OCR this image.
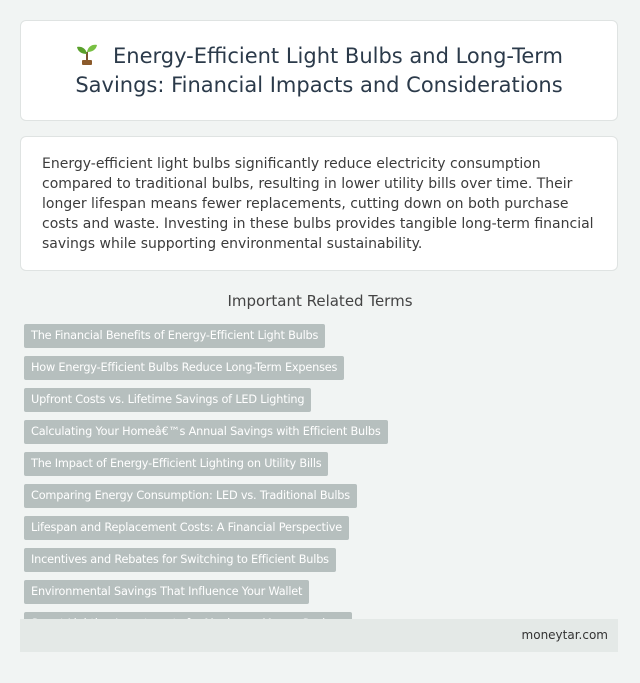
Energy-Efficient Light Bulbs and Long-Term Savings: Financial Impacts and Considerations

Energy-efficient light bulbs significantly reduce electricity consumption compared to traditional bulbs, resulting in lower utility bills over time. Their longer lifespan means fewer replacements, cutting down on both purchase costs and waste. Investing in these bulbs provides tangible long-term financial savings while supporting environmental sustainability.

Important Related Terms
The Financial Benefits of Energy-Efficient Light Bulbs
How Energy-Efficient Bulbs Reduce Long-Term Expenses
Upfront Costs vs. Lifetime Savings of LED Lighting
Calculating Your Homeâ€™s Annual Savings with Efficient Bulbs
The Impact of Energy-Efficient Lighting on Utility Bills
Comparing Energy Consumption: LED vs. Traditional Bulbs
Lifespan and Replacement Costs: A Financial Perspective
Incentives and Rebates for Switching to Efficient Bulbs
Environmental Savings That Influence Your Wallet
moneytar.com
